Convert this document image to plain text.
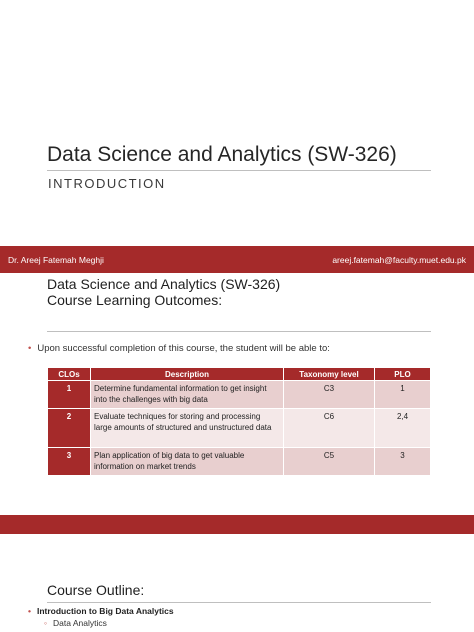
Data Science and Analytics (SW-326)
INTRODUCTION
Dr. Areej Fatemah Meghji	areej.fatemah@faculty.muet.edu.pk
Data Science and Analytics (SW-326)
Course Learning Outcomes:
• Upon successful completion of this course, the student will be able to:
CLOs	Description	Taxonomy level	PLO
1	Determine fundamental information to get insight into the challenges with big data	C3	1
2	Evaluate techniques for storing and processing large amounts of structured and unstructured data	C6	2,4
3	Plan application of big data to get valuable information on market trends	C5	3
Course Outline:
• Introduction to Big Data Analytics
◦ Data Analytics
